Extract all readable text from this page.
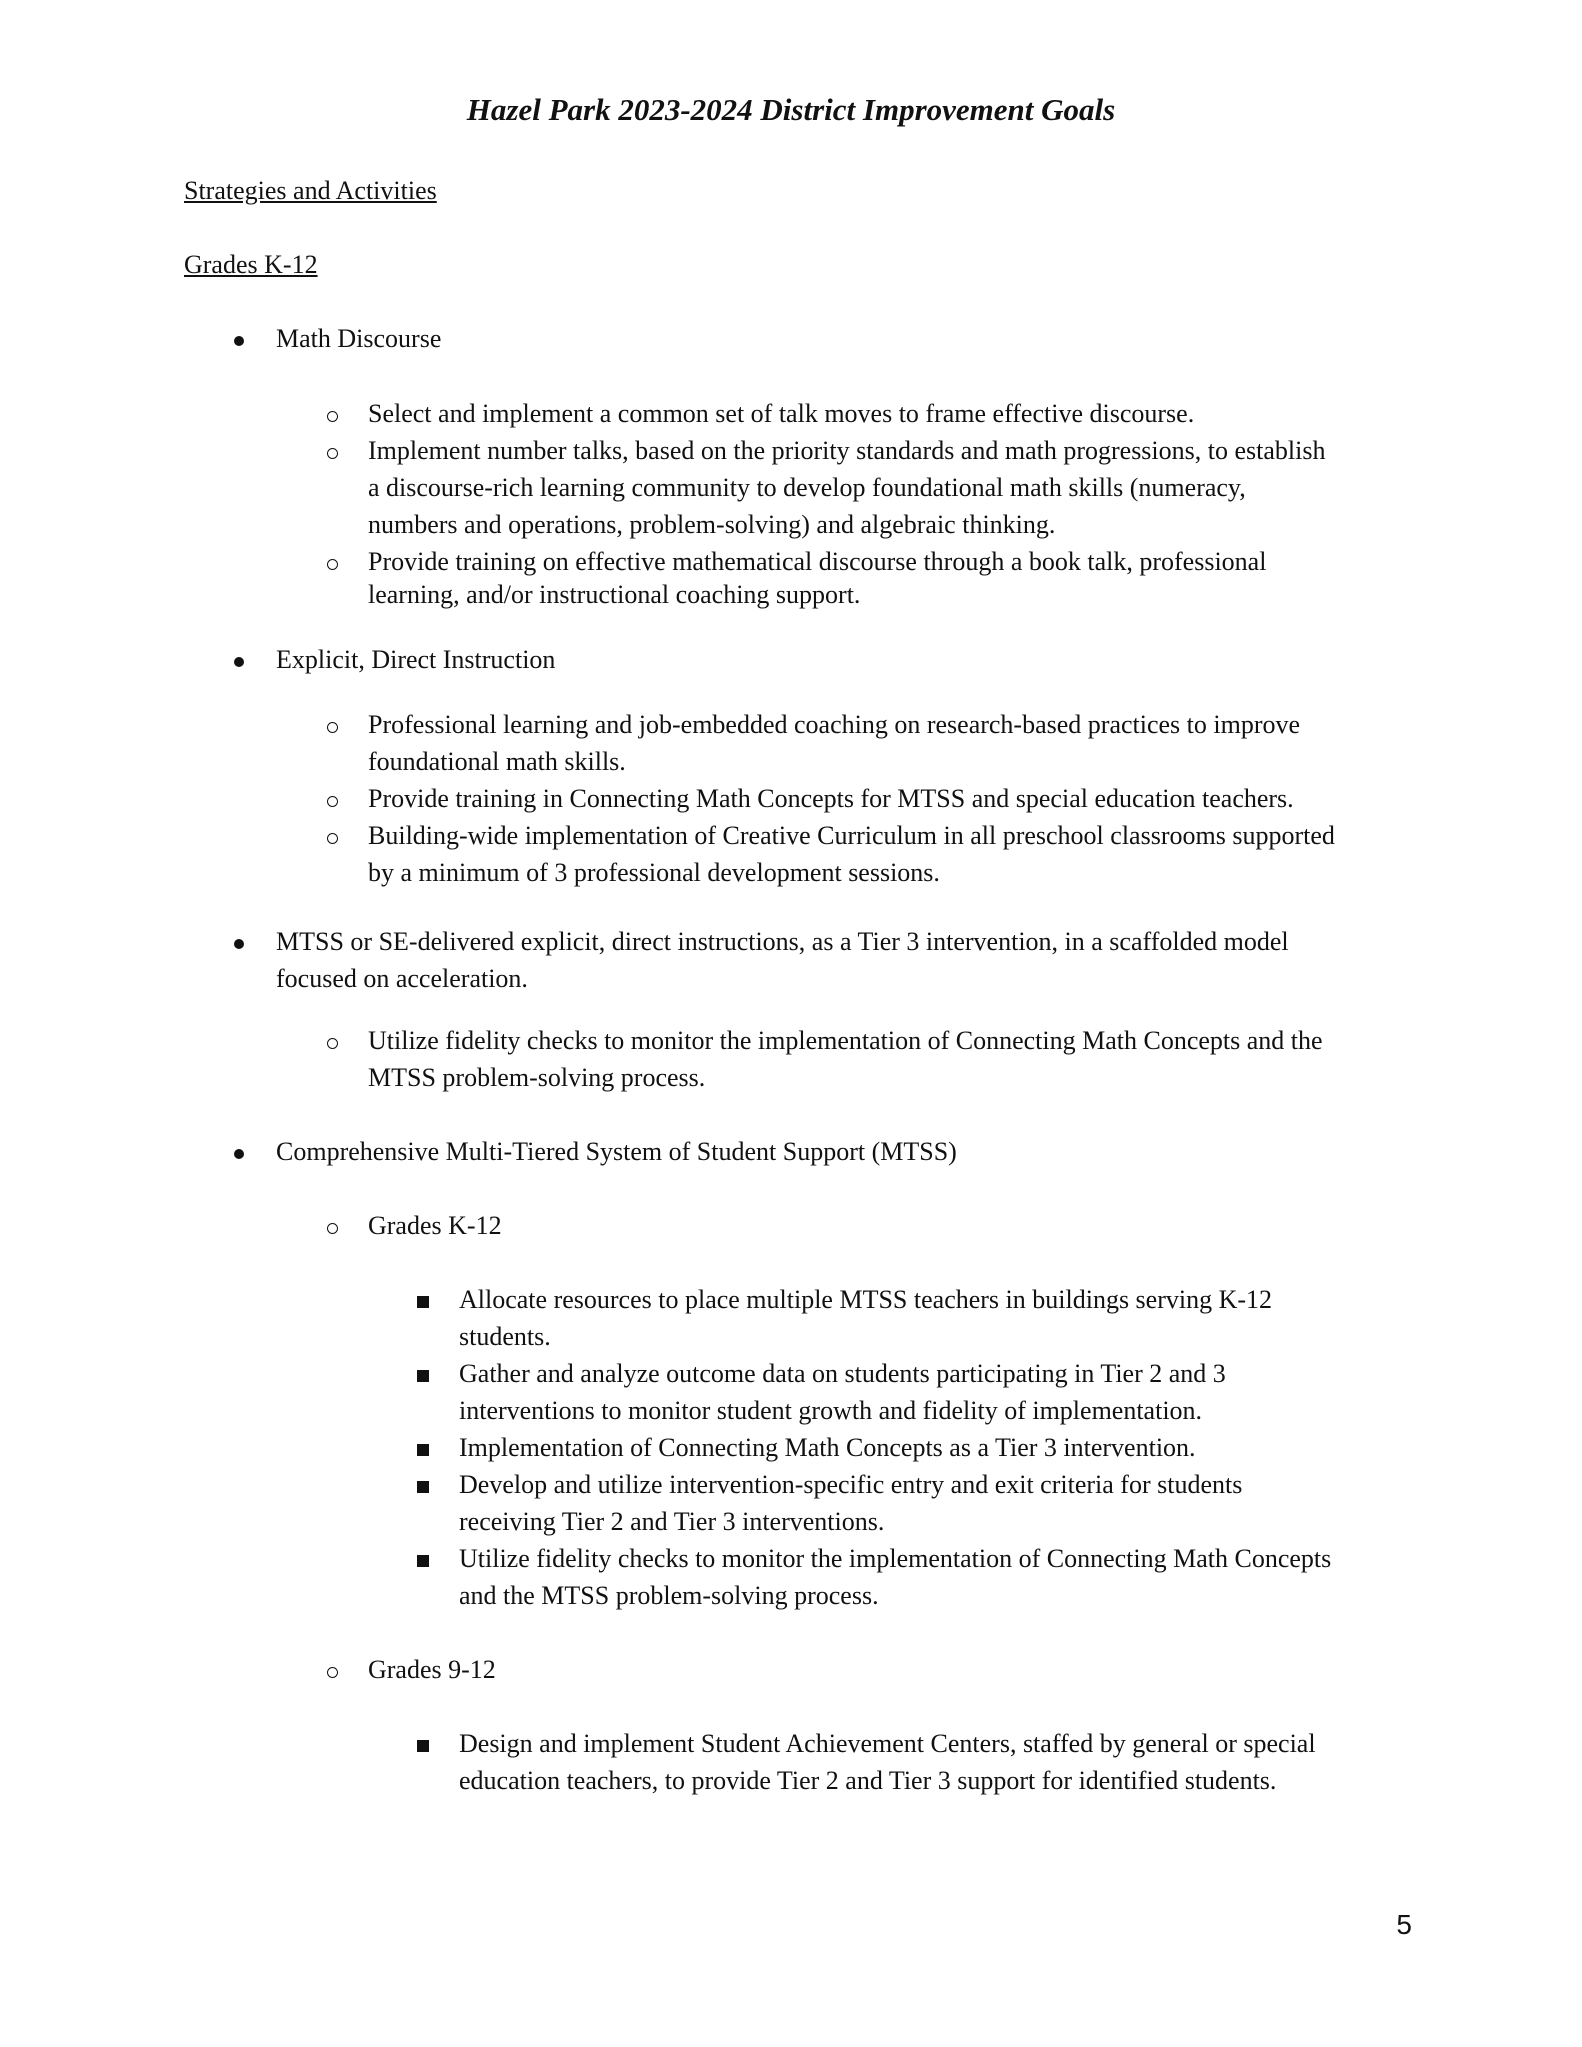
Hazel Park 2023-2024 District Improvement Goals

Strategies and Activities

Grades K-12

Math Discourse

Select and implement a common set of talk moves to frame effective discourse.

Implement number talks, based on the priority standards and math progressions, to establish

a discourse-rich learning community to develop foundational math skills (numeracy,

numbers and operations, problem-solving) and algebraic thinking.

Provide training on effective mathematical discourse through a book talk, professional

learning, and/or instructional coaching support.

Explicit, Direct Instruction

Professional learning and job-embedded coaching on research-based practices to improve

foundational math skills.

Provide training in Connecting Math Concepts for MTSS and special education teachers.

Building-wide implementation of Creative Curriculum in all preschool classrooms supported

by a minimum of 3 professional development sessions.

MTSS or SE-delivered explicit, direct instructions, as a Tier 3 intervention, in a scaffolded model

focused on acceleration.

Utilize fidelity checks to monitor the implementation of Connecting Math Concepts and the

MTSS problem-solving process.

Comprehensive Multi-Tiered System of Student Support (MTSS)

Grades K-12

Allocate resources to place multiple MTSS teachers in buildings serving K-12

students.

Gather and analyze outcome data on students participating in Tier 2 and 3

interventions to monitor student growth and fidelity of implementation.

Implementation of Connecting Math Concepts as a Tier 3 intervention.

Develop and utilize intervention-specific entry and exit criteria for students

receiving Tier 2 and Tier 3 interventions.

Utilize fidelity checks to monitor the implementation of Connecting Math Concepts

and the MTSS problem-solving process.

Grades 9-12

Design and implement Student Achievement Centers, staffed by general or special

education teachers, to provide Tier 2 and Tier 3 support for identified students.

5
